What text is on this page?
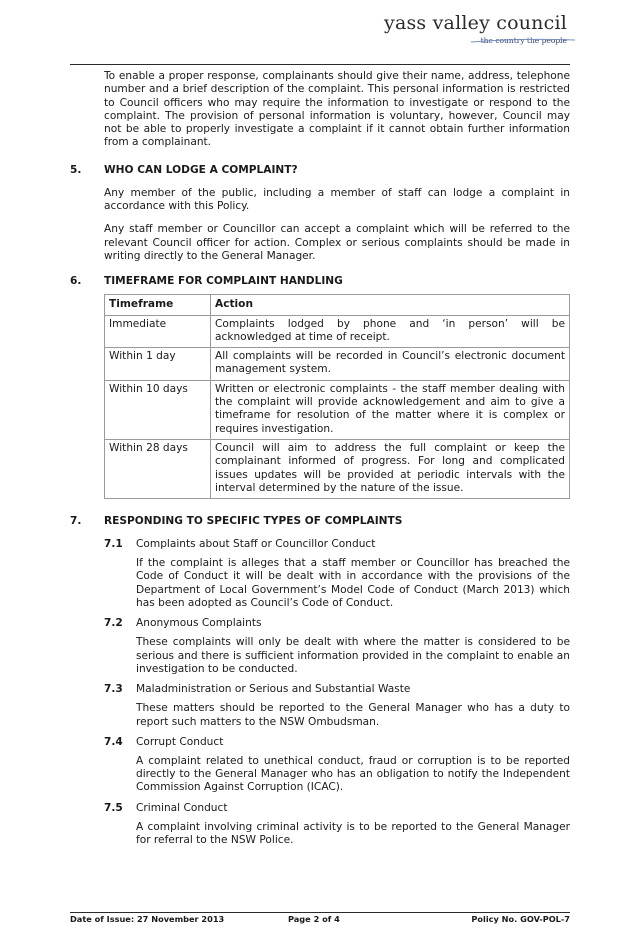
yass valley council
the country the people

To enable a proper response, complainants should give their name, address, telephone number and a brief description of the complaint. This personal information is restricted to Council officers who may require the information to investigate or respond to the complaint. The provision of personal information is voluntary, however, Council may not be able to properly investigate a complaint if it cannot obtain further information from a complainant.

5.	WHO CAN LODGE A COMPLAINT?

Any member of the public, including a member of staff can lodge a complaint in accordance with this Policy.

Any staff member or Councillor can accept a complaint which will be referred to the relevant Council officer for action. Complex or serious complaints should be made in writing directly to the General Manager.

6.	TIMEFRAME FOR COMPLAINT HANDLING
Timeframe	Action
Immediate	Complaints lodged by phone and ‘in person’ will be acknowledged at time of receipt.
Within 1 day	All complaints will be recorded in Council’s electronic document management system.
Within 10 days	Written or electronic complaints - the staff member dealing with the complaint will provide acknowledgement and aim to give a timeframe for resolution of the matter where it is complex or requires investigation.
Within 28 days	Council will aim to address the full complaint or keep the complainant informed of progress. For long and complicated issues updates will be provided at periodic intervals with the interval determined by the nature of the issue.
7.	RESPONDING TO SPECIFIC TYPES OF COMPLAINTS
7.1	Complaints about Staff or Councillor Conduct

If the complaint is alleges that a staff member or Councillor has breached the Code of Conduct it will be dealt with in accordance with the provisions of the Department of Local Government’s Model Code of Conduct (March 2013) which has been adopted as Council’s Code of Conduct.

7.2	Anonymous Complaints

These complaints will only be dealt with where the matter is considered to be serious and there is sufficient information provided in the complaint to enable an investigation to be conducted.

7.3	Maladministration or Serious and Substantial Waste

These matters should be reported to the General Manager who has a duty to report such matters to the NSW Ombudsman.

7.4	Corrupt Conduct

A complaint related to unethical conduct, fraud or corruption is to be reported directly to the General Manager who has an obligation to notify the Independent Commission Against Corruption (ICAC).

7.5	Criminal Conduct

A complaint involving criminal activity is to be reported to the General Manager for referral to the NSW Police.

Date of Issue: 27 November 2013	Page 2 of 4	Policy No. GOV-POL-7
